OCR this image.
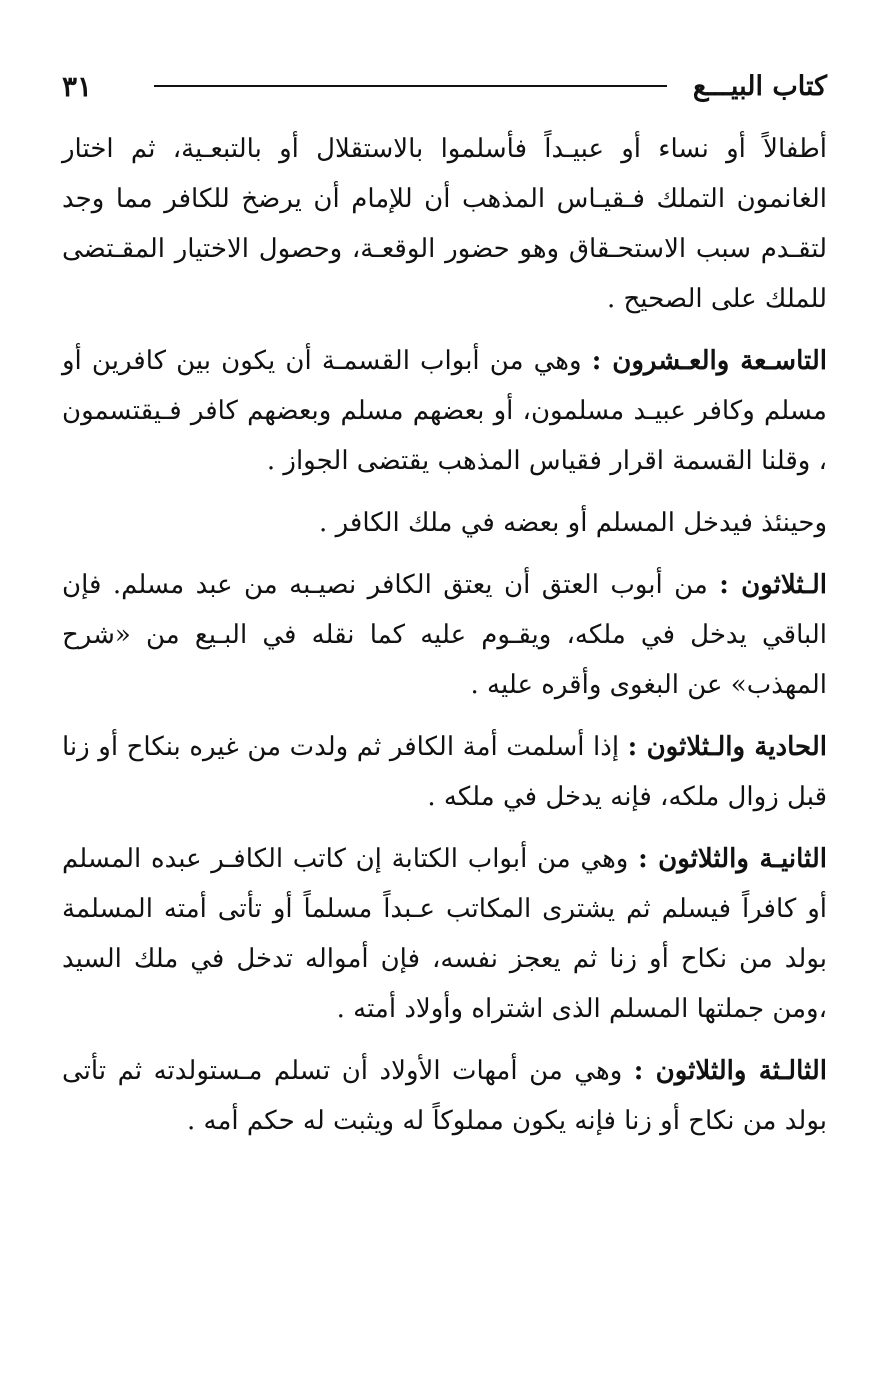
كتاب البيـــع
٣١

أطفالاً أو نساء أو عبيـداً فأسلموا بالاستقلال أو بالتبعـية، ثم اختار الغانمون التملك فـقيـاس المذهب أن للإمام أن يرضخ للكافر مما وجد لتقـدم سبب الاستحـقاق وهو حضور الوقعـة، وحصول الاختيار المقـتضى للملك على الصحيح .

التاسـعة والعـشرون : وهي من أبواب القسمـة أن يكون بين كافرين أو مسلم وكافر عبيـد مسلمون، أو بعضهم مسلم وبعضهم كافر فـيقتسمون ، وقلنا القسمة اقرار فقياس المذهب يقتضى الجواز .

وحينئذ فيدخل المسلم أو بعضه في ملك الكافر .

الـثلاثون : من أبوب العتق أن يعتق الكافر نصيـبه من عبد مسلم. فإن الباقي يدخل في ملكه، ويقـوم عليه كما نقله في البـيع من «شرح المهذب» عن البغوى وأقره عليه .

الحادية والـثلاثون : إذا أسلمت أمة الكافر ثم ولدت من غيره بنكاح أو زنا قبل زوال ملكه، فإنه يدخل في ملكه .

الثانيـة والثلاثون : وهي من أبواب الكتابة إن كاتب الكافـر عبده المسلم أو كافراً فيسلم ثم يشترى المكاتب عـبداً مسلماً أو تأتى أمته المسلمة بولد من نكاح أو زنا ثم يعجز نفسه، فإن أمواله تدخل في ملك السيد ،ومن جملتها المسلم الذى اشتراه وأولاد أمته .

الثالـثة والثلاثون : وهي من أمهات الأولاد أن تسلم مـستولدته ثم تأتى بولد من نكاح أو زنا فإنه يكون مملوكاً له ويثبت له حكم أمه .
